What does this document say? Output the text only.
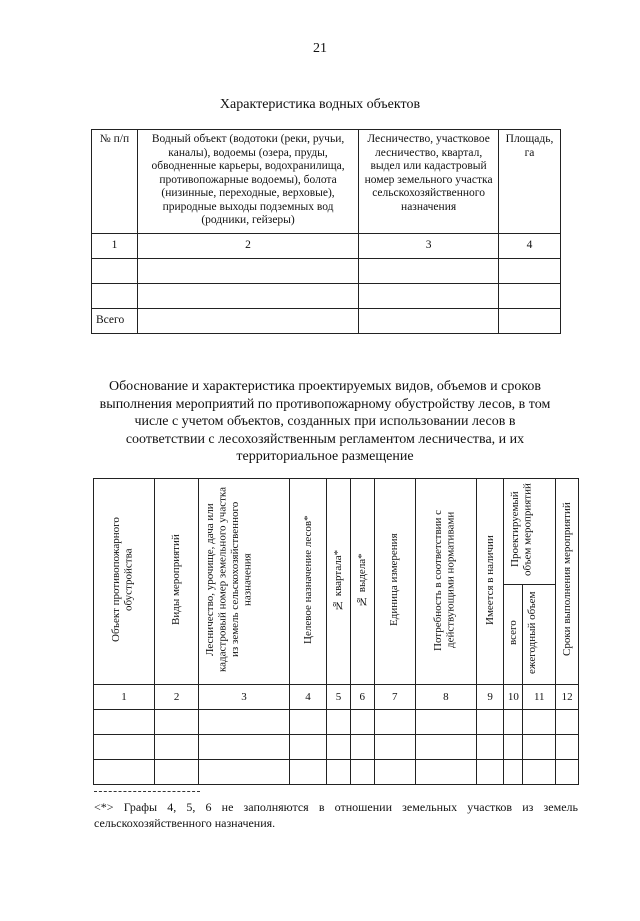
21
Характеристика водных объектов
№ п/п	Водный объект (водотоки (реки, ручьи, каналы), водоемы (озера, пруды, обводненные карьеры, водохранилища, противопожарные водоемы), болота (низинные, переходные, верховые), природные выходы подземных вод (родники, гейзеры)	Лесничество, участковое лесничество, квартал, выдел или кадастровый номер земельного участка сельскохозяйственного назначения	Площадь, га
1	2	3	4

Всего			
Обоснование и характеристика проектируемых видов, объемов и сроков выполнения мероприятий по противопожарному обустройству лесов, в том числе с учетом объектов, созданных при использовании лесов в соответствии с лесохозяйственным регламентом лесничества, и их территориальное размещение
Объект противопожарного обустройства	Виды мероприятий	Лесничество, урочище, дача или кадастровый номер земельного участка из земель сельскохозяйственного назначения	Целевое назначение лесов*	№ квартала*	№ выдела*	Единица измерения	Потребность в соответствии с действующими нормативами	Имеется в наличии	Проектируемый объем мероприятий		Сроки выполнения мероприятий
									всего	ежегодный объем	
1	2	3	4	5	6	7	8	9	10	11	12

<*> Графы 4, 5, 6 не заполняются в отношении земельных участков из земель сельскохозяйственного назначения.
